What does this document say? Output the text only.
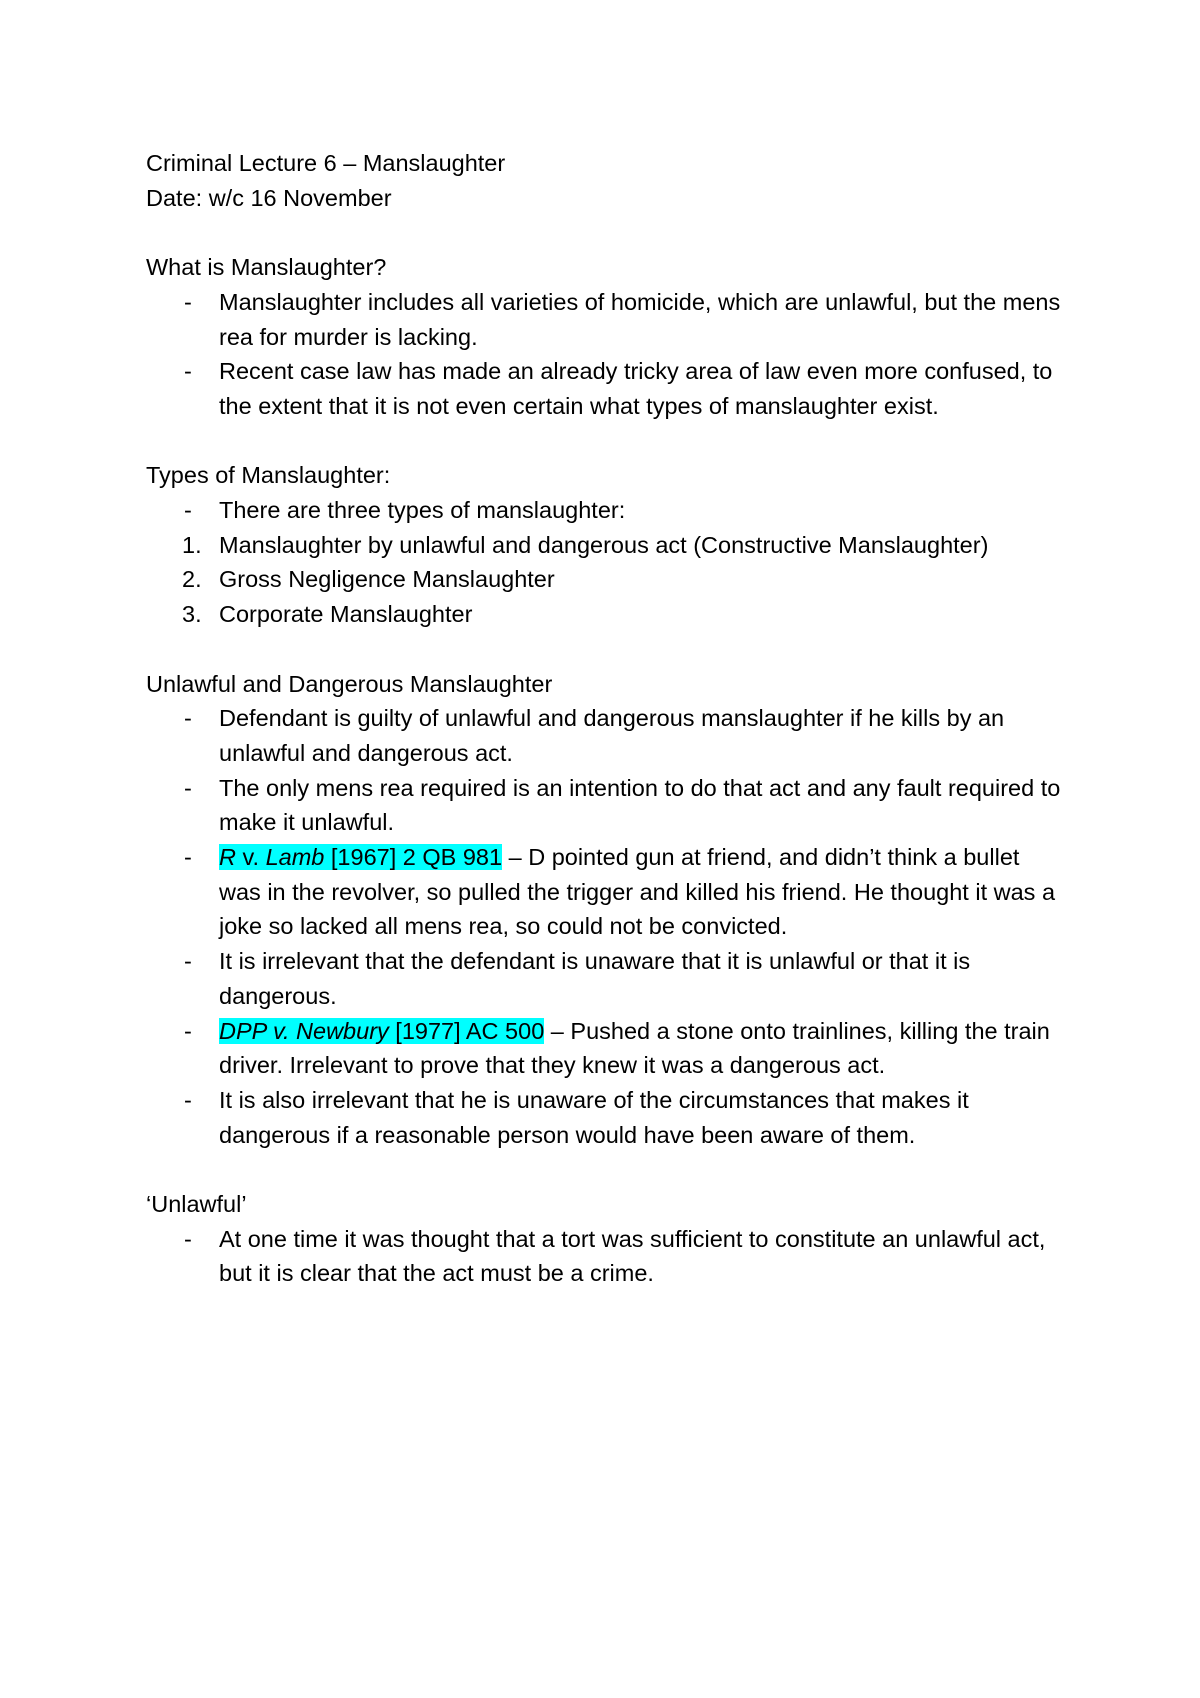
Criminal Lecture 6 – Manslaughter

Date: w/c 16 November

What is Manslaughter?

-	Manslaughter includes all varieties of homicide, which are unlawful, but the mens rea for murder is lacking.
-	Recent case law has made an already tricky area of law even more confused, to the extent that it is not even certain what types of manslaughter exist.

Types of Manslaughter:

-	There are three types of manslaughter:
1. Manslaughter by unlawful and dangerous act (Constructive Manslaughter)
2. Gross Negligence Manslaughter
3. Corporate Manslaughter

Unlawful and Dangerous Manslaughter

-	Defendant is guilty of unlawful and dangerous manslaughter if he kills by an unlawful and dangerous act.
-	The only mens rea required is an intention to do that act and any fault required to make it unlawful.
-	R v. Lamb [1967] 2 QB 981 – D pointed gun at friend, and didn’t think a bullet was in the revolver, so pulled the trigger and killed his friend. He thought it was a joke so lacked all mens rea, so could not be convicted.
-	It is irrelevant that the defendant is unaware that it is unlawful or that it is dangerous.
-	DPP v. Newbury [1977] AC 500 – Pushed a stone onto trainlines, killing the train driver. Irrelevant to prove that they knew it was a dangerous act.
-	It is also irrelevant that he is unaware of the circumstances that makes it dangerous if a reasonable person would have been aware of them.

‘Unlawful’

-	At one time it was thought that a tort was sufficient to constitute an unlawful act, but it is clear that the act must be a crime.
